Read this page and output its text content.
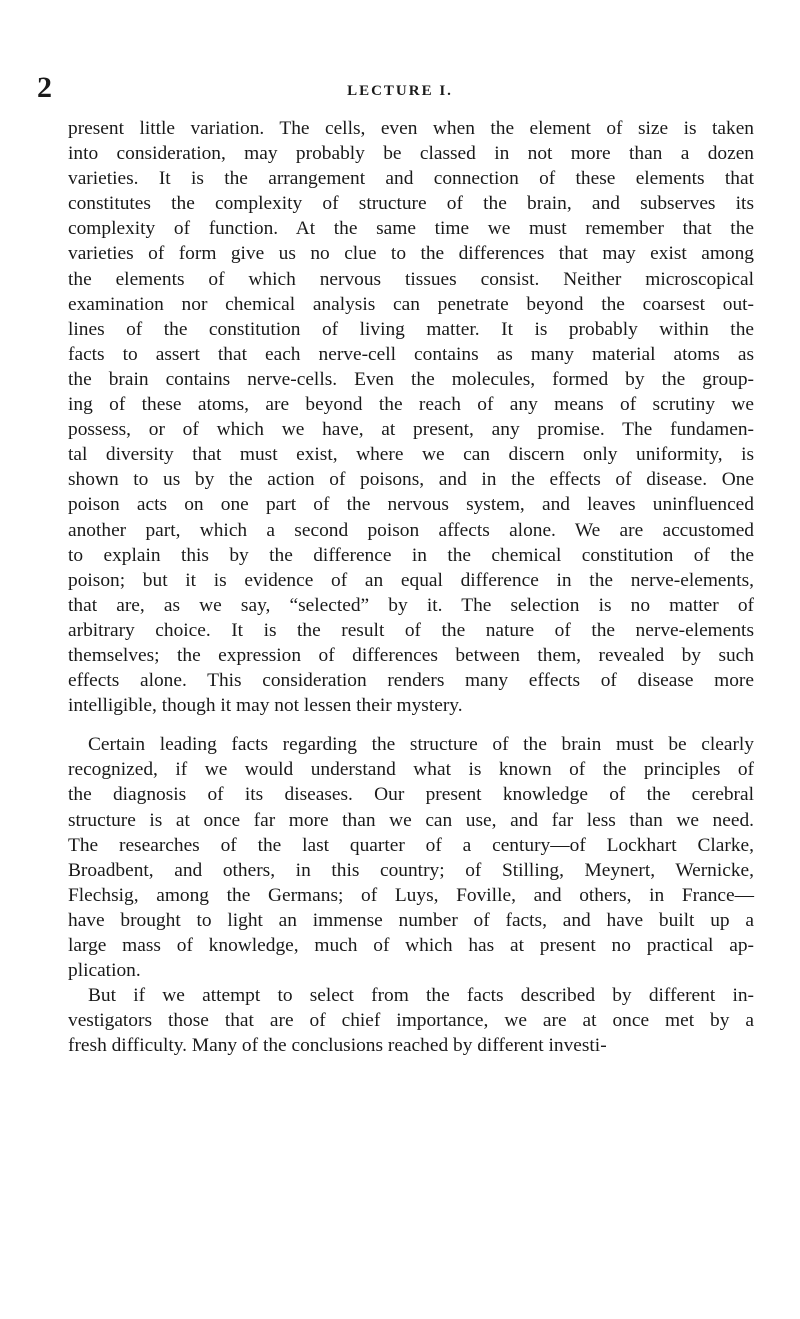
2	LECTURE I.
present little variation. The cells, even when the element of size is taken
into consideration, may probably be classed in not more than a dozen
varieties. It is the arrangement and connection of these elements that
constitutes the complexity of structure of the brain, and subserves its
complexity of function. At the same time we must remember that the
varieties of form give us no clue to the differences that may exist among
the elements of which nervous tissues consist. Neither microscopical
examination nor chemical analysis can penetrate beyond the coarsest out-
lines of the constitution of living matter. It is probably within the
facts to assert that each nerve-cell contains as many material atoms as
the brain contains nerve-cells. Even the molecules, formed by the group-
ing of these atoms, are beyond the reach of any means of scrutiny we
possess, or of which we have, at present, any promise. The fundamen-
tal diversity that must exist, where we can discern only uniformity, is
shown to us by the action of poisons, and in the effects of disease. One
poison acts on one part of the nervous system, and leaves uninfluenced
another part, which a second poison affects alone. We are accustomed
to explain this by the difference in the chemical constitution of the
poison; but it is evidence of an equal difference in the nerve-elements,
that are, as we say, “selected” by it. The selection is no matter of
arbitrary choice. It is the result of the nature of the nerve-elements
themselves; the expression of differences between them, revealed by such
effects alone. This consideration renders many effects of disease more
intelligible, though it may not lessen their mystery.
Certain leading facts regarding the structure of the brain must be clearly
recognized, if we would understand what is known of the principles of
the diagnosis of its diseases. Our present knowledge of the cerebral
structure is at once far more than we can use, and far less than we need.
The researches of the last quarter of a century—of Lockhart Clarke,
Broadbent, and others, in this country; of Stilling, Meynert, Wernicke,
Flechsig, among the Germans; of Luys, Foville, and others, in France—
have brought to light an immense number of facts, and have built up a
large mass of knowledge, much of which has at present no practical ap-
plication.
But if we attempt to select from the facts described by different in-
vestigators those that are of chief importance, we are at once met by a
fresh difficulty. Many of the conclusions reached by different investi-
